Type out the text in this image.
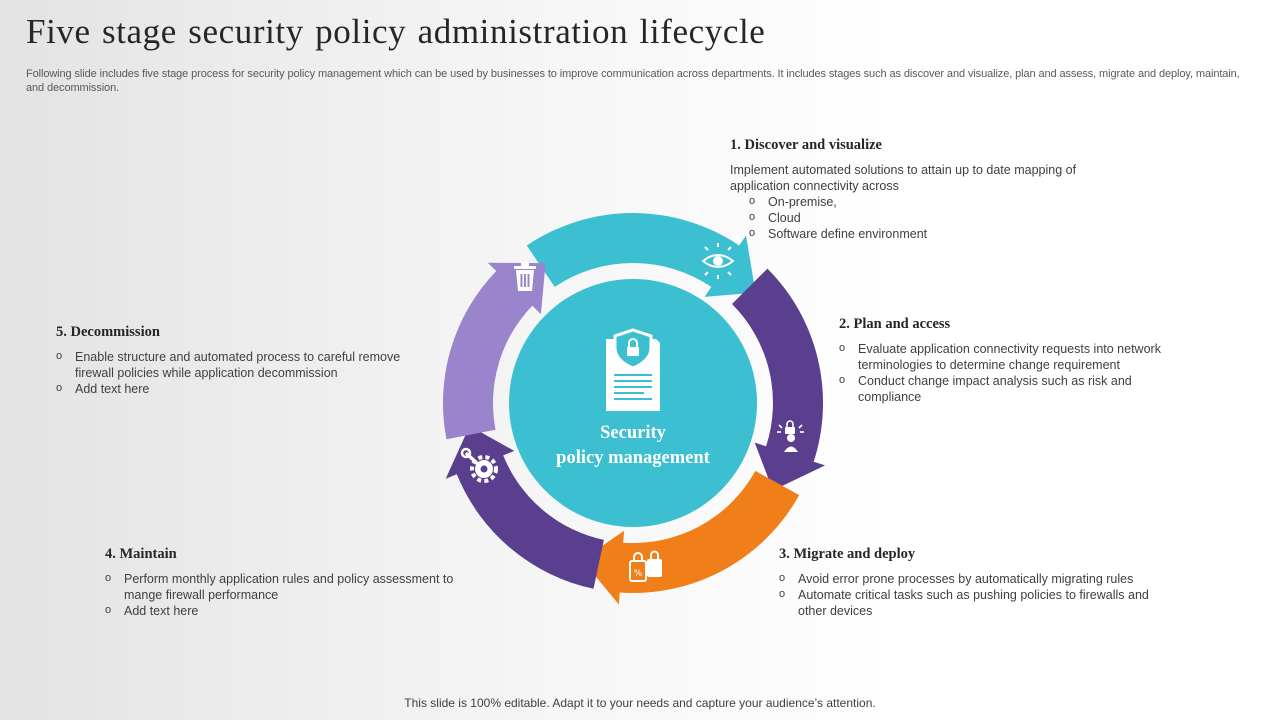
Five stage security policy administration lifecycle

Following slide includes five stage process for security policy management which can be used by businesses to improve communication across departments. It includes stages such as discover and visualize, plan and assess, migrate and deploy, maintain, and decommission.

%
Security
policy management
1. Discover and visualize

Implement automated solutions to attain up to date mapping of application connectivity across

o On-premise,
o Cloud
o Software define environment
2. Plan and access
o Evaluate application connectivity requests into network terminologies to determine change requirement
o Conduct change impact analysis such as risk and compliance
3. Migrate and deploy
o Avoid error prone processes by automatically migrating rules
o Automate critical tasks such as pushing policies to firewalls and other devices
4. Maintain
o Perform monthly application rules and policy assessment to mange firewall performance
o Add text here
5. Decommission
o Enable structure and automated process to careful remove firewall policies while application decommission
o Add text here
This slide is 100% editable. Adapt it to your needs and capture your audience’s attention.
